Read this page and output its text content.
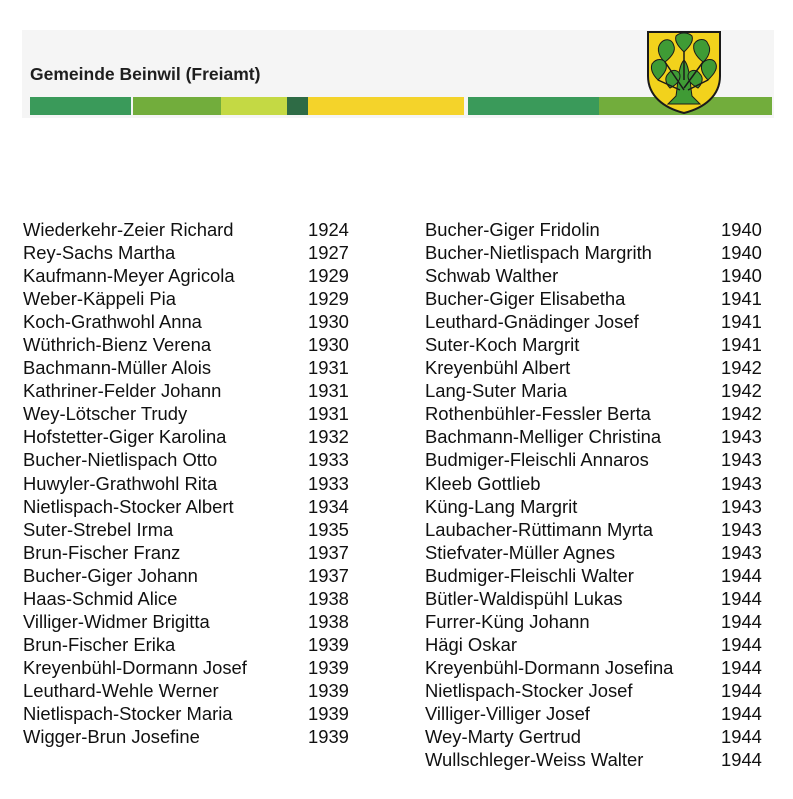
Gemeinde Beinwil (Freiamt)
Wiederkehr-Zeier Richard	1924
Rey-Sachs Martha	1927
Kaufmann-Meyer Agricola	1929
Weber-Käppeli Pia	1929
Koch-Grathwohl Anna	1930
Wüthrich-Bienz Verena	1930
Bachmann-Müller Alois	1931
Kathriner-Felder Johann	1931
Wey-Lötscher Trudy	1931
Hofstetter-Giger Karolina	1932
Bucher-Nietlispach Otto	1933
Huwyler-Grathwohl Rita	1933
Nietlispach-Stocker Albert	1934
Suter-Strebel Irma	1935
Brun-Fischer Franz	1937
Bucher-Giger Johann	1937
Haas-Schmid Alice	1938
Villiger-Widmer Brigitta	1938
Brun-Fischer Erika	1939
Kreyenbühl-Dormann Josef	1939
Leuthard-Wehle Werner	1939
Nietlispach-Stocker Maria	1939
Wigger-Brun Josefine	1939
Bucher-Giger Fridolin	1940
Bucher-Nietlispach Margrith	1940
Schwab Walther	1940
Bucher-Giger Elisabetha	1941
Leuthard-Gnädinger Josef	1941
Suter-Koch Margrit	1941
Kreyenbühl Albert	1942
Lang-Suter Maria	1942
Rothenbühler-Fessler Berta	1942
Bachmann-Melliger Christina	1943
Budmiger-Fleischli Annaros	1943
Kleeb Gottlieb	1943
Küng-Lang Margrit	1943
Laubacher-Rüttimann Myrta	1943
Stiefvater-Müller Agnes	1943
Budmiger-Fleischli Walter	1944
Bütler-Waldispühl Lukas	1944
Furrer-Küng Johann	1944
Hägi Oskar	1944
Kreyenbühl-Dormann Josefina	1944
Nietlispach-Stocker Josef	1944
Villiger-Villiger Josef	1944
Wey-Marty Gertrud	1944
Wullschleger-Weiss Walter	1944
